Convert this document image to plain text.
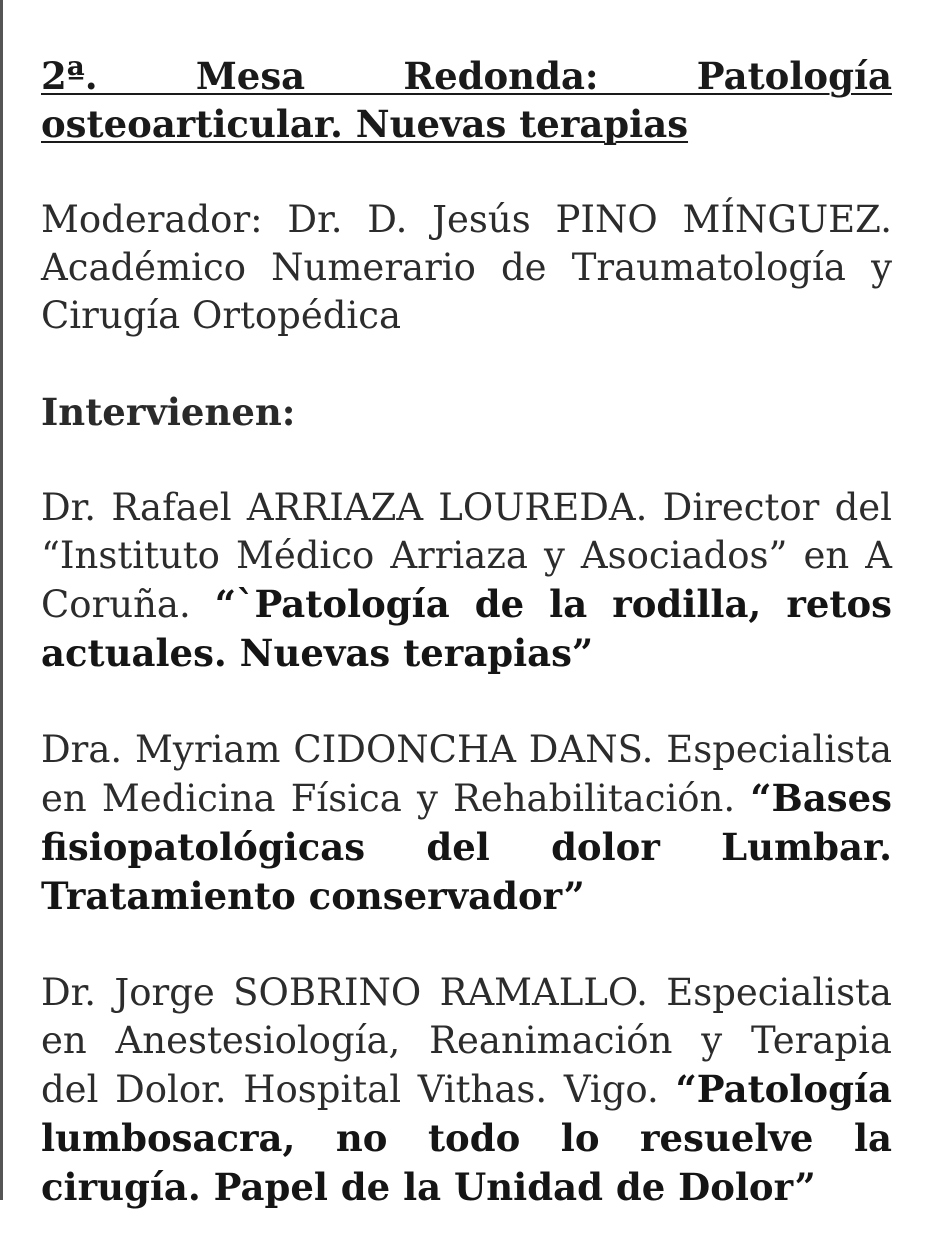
2ª. Mesa Redonda: Patología osteoarticular. Nuevas terapias

Moderador: Dr. D. Jesús PINO MÍNGUEZ. Académico Numerario de Traumatología y Cirugía Ortopédica

Intervienen:

Dr. Rafael ARRIAZA LOUREDA. Director del “Instituto Médico Arriaza y Asociados” en A Coruña. “`Patología de la rodilla, retos actuales. Nuevas terapias”

Dra. Myriam CIDONCHA DANS. Especialista en Medicina Física y Rehabilitación. “Bases fisiopatológicas del dolor Lumbar. Tratamiento conservador”

Dr. Jorge SOBRINO RAMALLO. Especialista en Anestesiología, Reanimación y Terapia del Dolor. Hospital Vithas. Vigo. “Patología lumbosacra, no todo lo resuelve la cirugía. Papel de la Unidad de Dolor”
